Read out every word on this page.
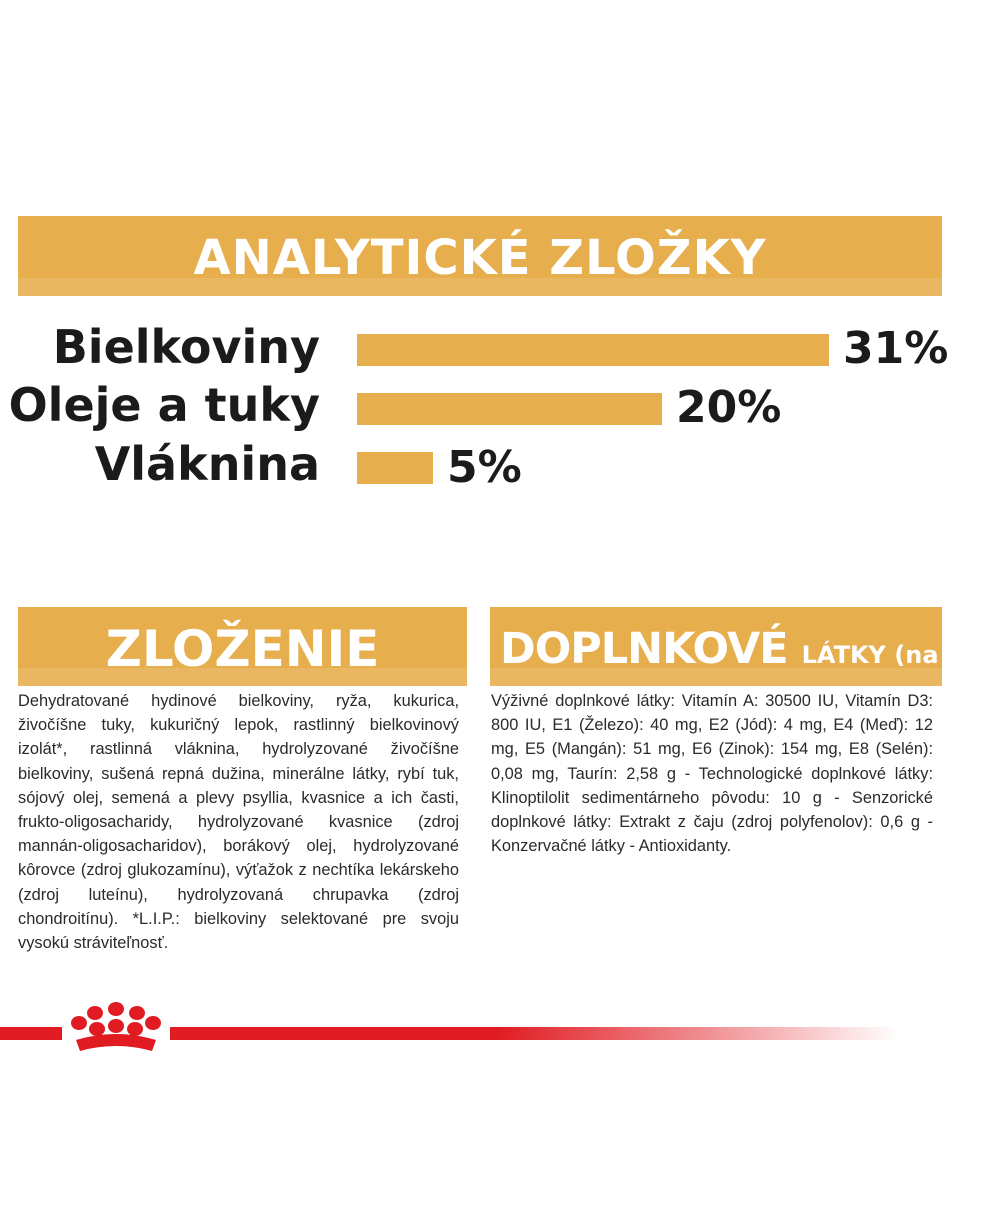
ANALYTICKÉ ZLOŽKY
Bielkoviny	31%
Oleje a tuky	20%
Vláknina	5%
ZLOŽENIE
Dehydratované hydinové bielkoviny, ryža, kukurica, živočíšne tuky, kukuričný lepok, rastlinný bielkovinový izolát*, rastlinná vláknina, hydrolyzované živočíšne bielkoviny, sušená repná dužina, minerálne látky, rybí tuk, sójový olej, semená a plevy psyllia, kvasnice a ich časti, frukto-oligosacharidy, hydrolyzované kvasnice (zdroj mannán-oligosacharidov), borákový olej, hydrolyzované kôrovce (zdroj glukozamínu), výťažok z nechtíka lekárskeho (zdroj luteínu), hydrolyzovaná chrupavka (zdroj chondroitínu). *L.I.P.: bielkoviny selektované pre svoju vysokú stráviteľnosť.
DOPLNKOVÉ LÁTKY (na kg)
Výživné doplnkové látky: Vitamín A: 30500 IU, Vitamín D3: 800 IU, E1 (Železo): 40 mg, E2 (Jód): 4 mg, E4 (Meď): 12 mg, E5 (Mangán): 51 mg, E6 (Zinok): 154 mg, E8 (Selén): 0,08 mg, Taurín: 2,58 g - Technologické doplnkové látky: Klinoptilolit sedimentárneho pôvodu: 10 g - Senzorické doplnkové látky: Extrakt z čaju (zdroj polyfenolov): 0,6 g - Konzervačné látky - Antioxidanty.
